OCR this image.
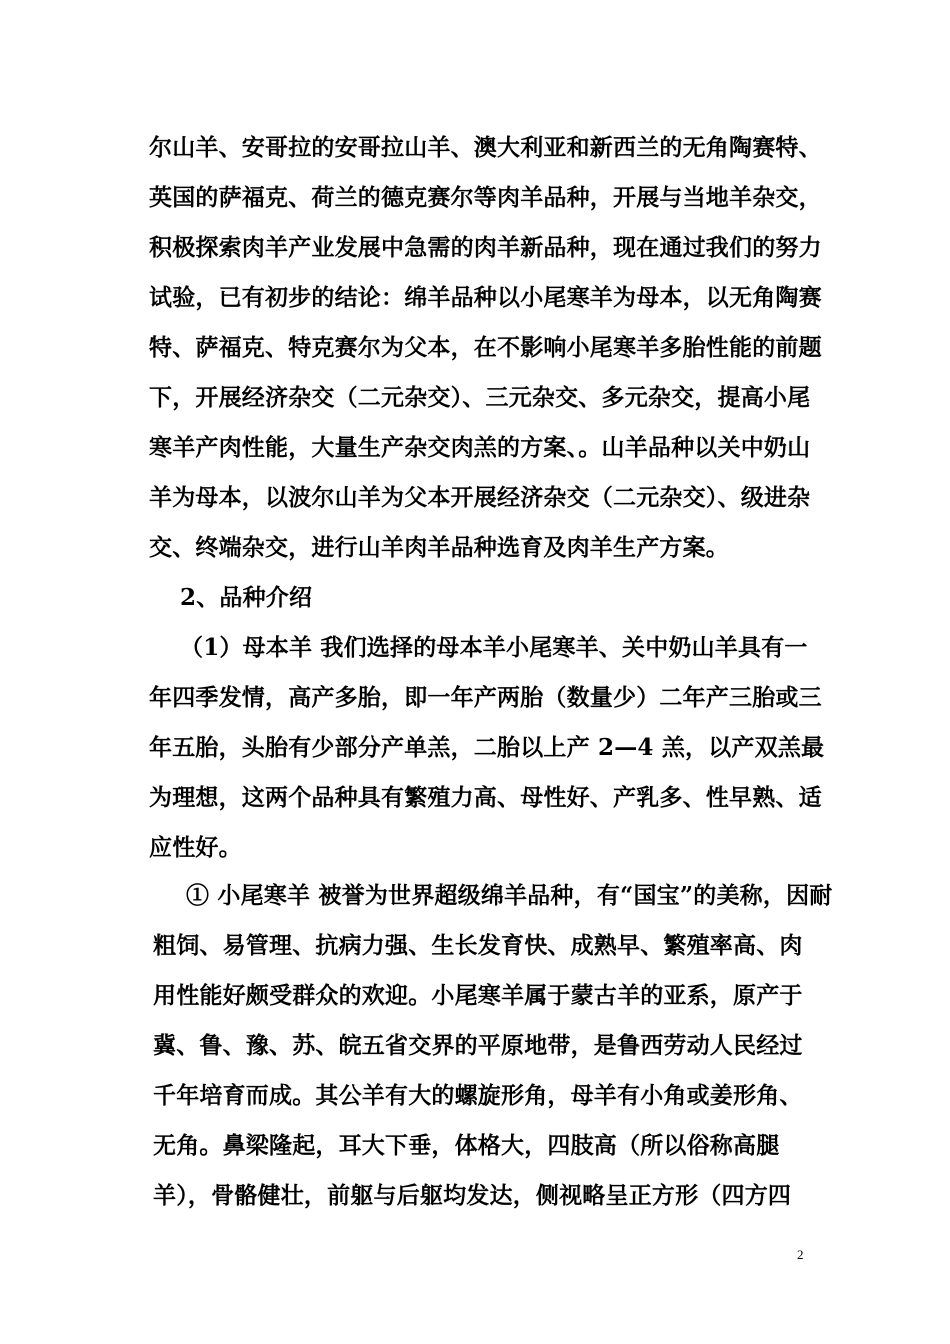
尔山羊、安哥拉的安哥拉山羊、澳大利亚和新西兰的无角陶赛特、
英国的萨福克、荷兰的德克赛尔等肉羊品种，开展与当地羊杂交，
积极探索肉羊产业发展中急需的肉羊新品种，现在通过我们的努力
试验，已有初步的结论：绵羊品种以小尾寒羊为母本，以无角陶赛
特、萨福克、特克赛尔为父本，在不影响小尾寒羊多胎性能的前题
下，开展经济杂交（二元杂交）、三元杂交、多元杂交，提高小尾
寒羊产肉性能，大量生产杂交肉羔的方案、。山羊品种以关中奶山
羊为母本，以波尔山羊为父本开展经济杂交（二元杂交）、级进杂
交、终端杂交，进行山羊肉羊品种选育及肉羊生产方案。
2、品种介绍
（1）母本羊 我们选择的母本羊小尾寒羊、关中奶山羊具有一
年四季发情，高产多胎，即一年产两胎（数量少）二年产三胎或三
年五胎，头胎有少部分产单羔，二胎以上产 2—4 羔，以产双羔最
为理想，这两个品种具有繁殖力高、母性好、产乳多、性早熟、适
应性好。
① 小尾寒羊 被誉为世界超级绵羊品种，有“国宝”的美称，因耐
粗饲、易管理、抗病力强、生长发育快、成熟早、繁殖率高、肉
用性能好颇受群众的欢迎。小尾寒羊属于蒙古羊的亚系，原产于
冀、鲁、豫、苏、皖五省交界的平原地带，是鲁西劳动人民经过
千年培育而成。其公羊有大的螺旋形角，母羊有小角或姜形角、
无角。鼻梁隆起，耳大下垂，体格大，四肢高（所以俗称高腿
羊），骨骼健壮，前躯与后躯均发达，侧视略呈正方形（四方四
2
